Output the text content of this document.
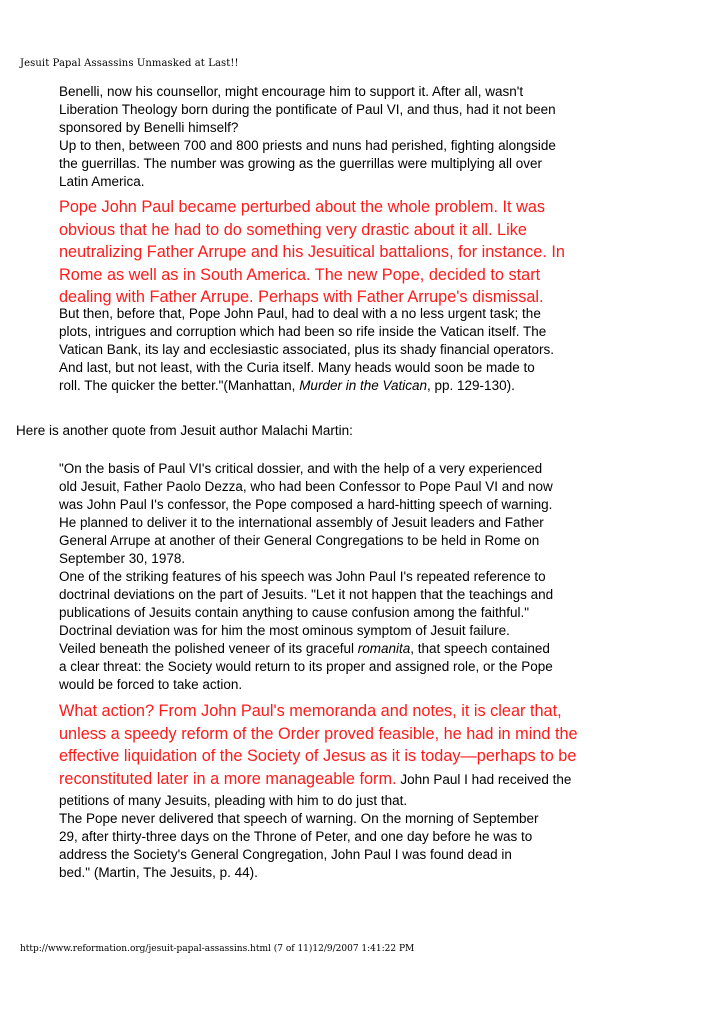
Jesuit Papal Assassins Unmasked at Last!!
Benelli, now his counsellor, might encourage him to support it. After all, wasn't
Liberation Theology born during the pontificate of Paul VI, and thus, had it not been
sponsored by Benelli himself?
Up to then, between 700 and 800 priests and nuns had perished, fighting alongside
the guerrillas. The number was growing as the guerrillas were multiplying all over
Latin America.
Pope John Paul became perturbed about the whole problem. It was
obvious that he had to do something very drastic about it all. Like
neutralizing Father Arrupe and his Jesuitical battalions, for instance. In
Rome as well as in South America. The new Pope, decided to start
dealing with Father Arrupe. Perhaps with Father Arrupe's dismissal.
But then, before that, Pope John Paul, had to deal with a no less urgent task; the
plots, intrigues and corruption which had been so rife inside the Vatican itself. The
Vatican Bank, its lay and ecclesiastic associated, plus its shady financial operators.
And last, but not least, with the Curia itself. Many heads would soon be made to
roll. The quicker the better."(Manhattan, Murder in the Vatican, pp. 129-130).
Here is another quote from Jesuit author Malachi Martin:
"On the basis of Paul VI's critical dossier, and with the help of a very experienced
old Jesuit, Father Paolo Dezza, who had been Confessor to Pope Paul VI and now
was John Paul I's confessor, the Pope composed a hard-hitting speech of warning.
He planned to deliver it to the international assembly of Jesuit leaders and Father
General Arrupe at another of their General Congregations to be held in Rome on
September 30, 1978.
One of the striking features of his speech was John Paul I's repeated reference to
doctrinal deviations on the part of Jesuits. "Let it not happen that the teachings and
publications of Jesuits contain anything to cause confusion among the faithful."
Doctrinal deviation was for him the most ominous symptom of Jesuit failure.
Veiled beneath the polished veneer of its graceful romanita, that speech contained
a clear threat: the Society would return to its proper and assigned role, or the Pope
would be forced to take action.
What action? From John Paul's memoranda and notes, it is clear that,
unless a speedy reform of the Order proved feasible, he had in mind the
effective liquidation of the Society of Jesus as it is today—perhaps to be
reconstituted later in a more manageable form. John Paul I had received the
petitions of many Jesuits, pleading with him to do just that.
The Pope never delivered that speech of warning. On the morning of September
29, after thirty-three days on the Throne of Peter, and one day before he was to
address the Society's General Congregation, John Paul I was found dead in
bed." (Martin, The Jesuits, p. 44).
http://www.reformation.org/jesuit-papal-assassins.html (7 of 11)12/9/2007 1:41:22 PM
